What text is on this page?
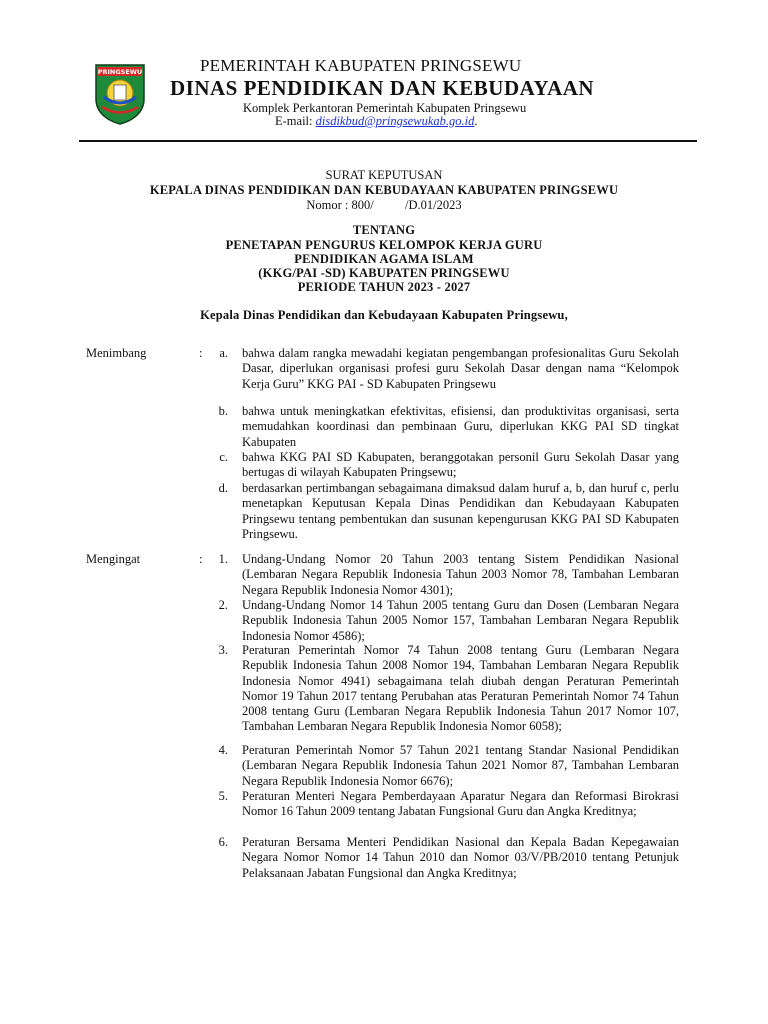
PRINGSEWU	PEMERINTAH KABUPATEN PRINGSEWU
DINAS PENDIDIKAN DAN KEBUDAYAAN
Komplek Perkantoran Pemerintah Kabupaten Pringsewu
E-mail: disdikbud@pringsewukab.go.id.
SURAT KEPUTUSAN
KEPALA DINAS PENDIDIKAN DAN KEBUDAYAAN KABUPATEN PRINGSEWU
Nomor : 800/          /D.01/2023
TENTANG
PENETAPAN PENGURUS KELOMPOK KERJA GURU
PENDIDIKAN AGAMA ISLAM
(KKG/PAI -SD) KABUPATEN PRINGSEWU
PERIODE TAHUN 2023 - 2027
Kepala Dinas Pendidikan dan Kebudayaan Kabupaten Pringsewu,
Menimbang	:	a. bahwa dalam rangka mewadahi kegiatan pengembangan profesionalitas Guru Sekolah Dasar, diperlukan organisasi profesi guru Sekolah Dasar dengan nama “Kelompok Kerja Guru” KKG PAI - SD Kabupaten Pringsewu
b. bahwa untuk meningkatkan efektivitas, efisiensi, dan produktivitas organisasi, serta memudahkan koordinasi dan pembinaan Guru, diperlukan KKG PAI SD tingkat Kabupaten
c. bahwa KKG PAI SD Kabupaten, beranggotakan personil Guru Sekolah Dasar yang bertugas di wilayah Kabupaten Pringsewu;
d. berdasarkan pertimbangan sebagaimana dimaksud dalam huruf a, b, dan huruf c, perlu menetapkan Keputusan Kepala Dinas Pendidikan dan Kebudayaan Kabupaten Pringsewu tentang pembentukan dan susunan kepengurusan KKG PAI SD Kabupaten Pringsewu.
Mengingat	:	1. Undang-Undang Nomor 20 Tahun 2003 tentang Sistem Pendidikan Nasional (Lembaran Negara Republik Indonesia Tahun 2003 Nomor 78, Tambahan Lembaran Negara Republik Indonesia Nomor 4301);
2. Undang-Undang Nomor 14 Tahun 2005 tentang Guru dan Dosen (Lembaran Negara Republik Indonesia Tahun 2005 Nomor 157, Tambahan Lembaran Negara Republik Indonesia Nomor 4586);
3. Peraturan Pemerintah Nomor 74 Tahun 2008 tentang Guru (Lembaran Negara Republik Indonesia Tahun 2008 Nomor 194, Tambahan Lembaran Negara Republik Indonesia Nomor 4941) sebagaimana telah diubah dengan Peraturan Pemerintah Nomor 19 Tahun 2017 tentang Perubahan atas Peraturan Pemerintah Nomor 74 Tahun 2008 tentang Guru (Lembaran Negara Republik Indonesia Tahun 2017 Nomor 107, Tambahan Lembaran Negara Republik Indonesia Nomor 6058);
4. Peraturan Pemerintah Nomor 57 Tahun 2021 tentang Standar Nasional Pendidikan (Lembaran Negara Republik Indonesia Tahun 2021 Nomor 87, Tambahan Lembaran Negara Republik Indonesia Nomor 6676);
5. Peraturan Menteri Negara Pemberdayaan Aparatur Negara dan Reformasi Birokrasi Nomor 16 Tahun 2009 tentang Jabatan Fungsional Guru dan Angka Kreditnya;
6. Peraturan Bersama Menteri Pendidikan Nasional dan Kepala Badan Kepegawaian Negara Nomor Nomor 14 Tahun 2010 dan Nomor 03/V/PB/2010 tentang Petunjuk Pelaksanaan Jabatan Fungsional dan Angka Kreditnya;
